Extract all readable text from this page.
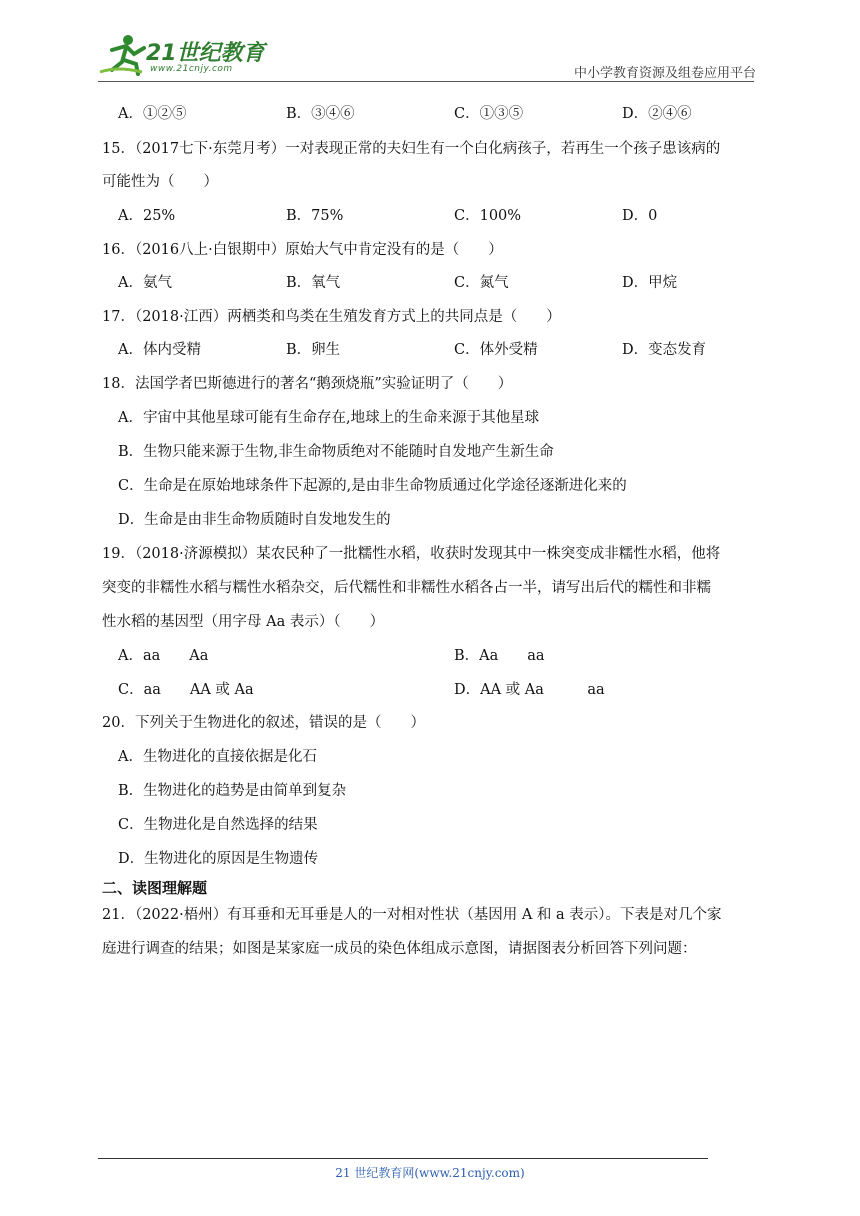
21世纪教育
www.21cnjy.com	中小学教育资源及组卷应用平台
A．①②⑤	B．③④⑥	C．①③⑤	D．②④⑥
15．（2017七下·东莞月考）一对表现正常的夫妇生有一个白化病孩子，若再生一个孩子患该病的
可能性为（　　）
A．25%	B．75%	C．100%	D．0
16．（2016八上·白银期中）原始大气中肯定没有的是（　　）
A．氨气	B．氧气	C．氮气	D．甲烷
17．（2018·江西）两栖类和鸟类在生殖发育方式上的共同点是（　　）
A．体内受精	B．卵生	C．体外受精	D．变态发育
18．法国学者巴斯德进行的著名“鹅颈烧瓶”实验证明了（　　）
A．宇宙中其他星球可能有生命存在,地球上的生命来源于其他星球
B．生物只能来源于生物,非生命物质绝对不能随时自发地产生新生命
C．生命是在原始地球条件下起源的,是由非生命物质通过化学途径逐渐进化来的
D．生命是由非生命物质随时自发地发生的
19．（2018·济源模拟）某农民种了一批糯性水稻，收获时发现其中一株突变成非糯性水稻，他将
突变的非糯性水稻与糯性水稻杂交，后代糯性和非糯性水稻各占一半，请写出后代的糯性和非糯
性水稻的基因型（用字母 Aa 表示）（　　）
A．aa　　Aa	B．Aa　　aa
C．aa　　AA 或 Aa	D．AA 或 Aa　　　aa
20．下列关于生物进化的叙述，错误的是（　　）
A．生物进化的直接依据是化石
B．生物进化的趋势是由简单到复杂
C．生物进化是自然选择的结果
D．生物进化的原因是生物遗传
21．（2022·梧州）有耳垂和无耳垂是人的一对相对性状（基因用 A 和 a 表示）。下表是对几个家
庭进行调查的结果；如图是某家庭一成员的染色体组成示意图，请据图表分析回答下列问题：
二、读图理解题
21 世纪教育网(www.21cnjy.com)
